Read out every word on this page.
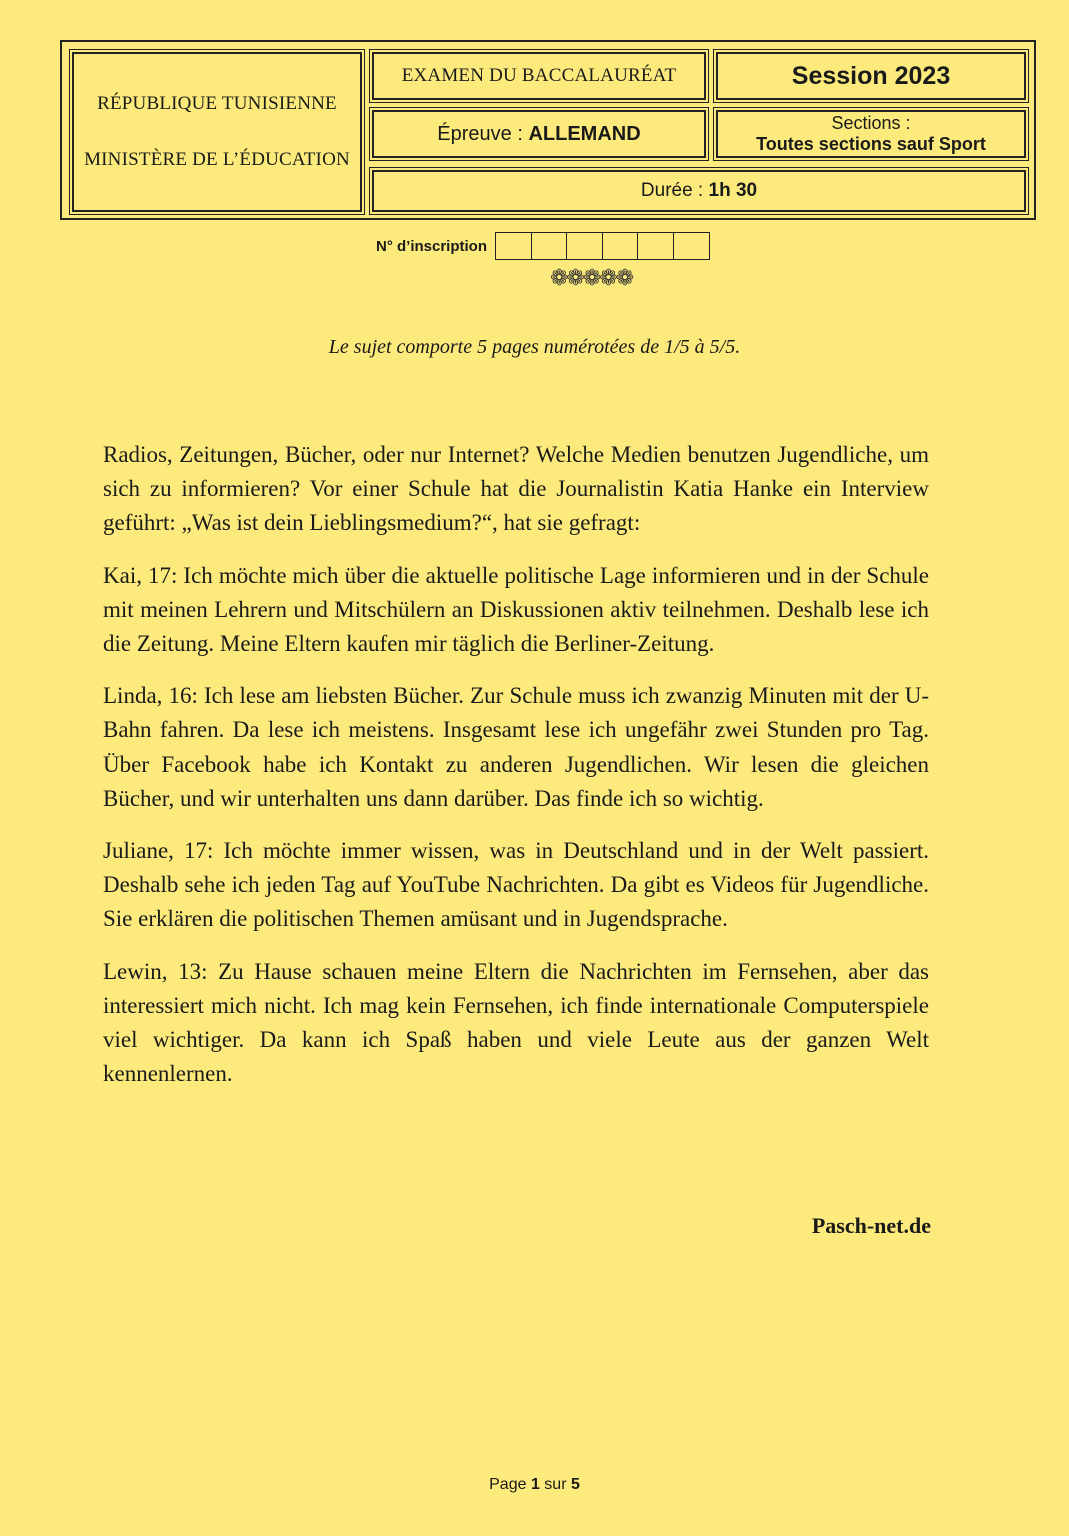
RÉPUBLIQUE TUNISIENNE
MINISTÈRE DE L’ÉDUCATION
EXAMEN DU BACCALAURÉAT	Session 2023
Épreuve : ALLEMAND	Sections :
Toutes sections sauf Sport
Durée : 1h 30
N° d’inscription
❁❁❁❁❁
Le sujet comporte 5 pages numérotées de 1/5 à 5/5.

Radios, Zeitungen, Bücher, oder nur Internet? Welche Medien benutzen Jugendliche, um sich zu informieren? Vor einer Schule hat die Journalistin Katia Hanke ein Interview geführt: „Was ist dein Lieblingsmedium?“, hat sie gefragt:

Kai, 17: Ich möchte mich über die aktuelle politische Lage informieren und in der Schule mit meinen Lehrern und Mitschülern an Diskussionen aktiv teilnehmen. Deshalb lese ich die Zeitung. Meine Eltern kaufen mir täglich die Berliner-Zeitung.

Linda, 16: Ich lese am liebsten Bücher. Zur Schule muss ich zwanzig Minuten mit der U-Bahn fahren. Da lese ich meistens. Insgesamt lese ich ungefähr zwei Stunden pro Tag. Über Facebook habe ich Kontakt zu anderen Jugendlichen. Wir lesen die gleichen Bücher, und wir unterhalten uns dann darüber. Das finde ich so wichtig.

Juliane, 17: Ich möchte immer wissen, was in Deutschland und in der Welt passiert. Deshalb sehe ich jeden Tag auf YouTube Nachrichten. Da gibt es Videos für Jugendliche. Sie erklären die politischen Themen amüsant und in Jugendsprache.

Lewin, 13: Zu Hause schauen meine Eltern die Nachrichten im Fernsehen, aber das interessiert mich nicht. Ich mag kein Fernsehen, ich finde internationale Computerspiele viel wichtiger. Da kann ich Spaß haben und viele Leute aus der ganzen Welt kennenlernen.

Pasch-net.de
Page 1 sur 5
